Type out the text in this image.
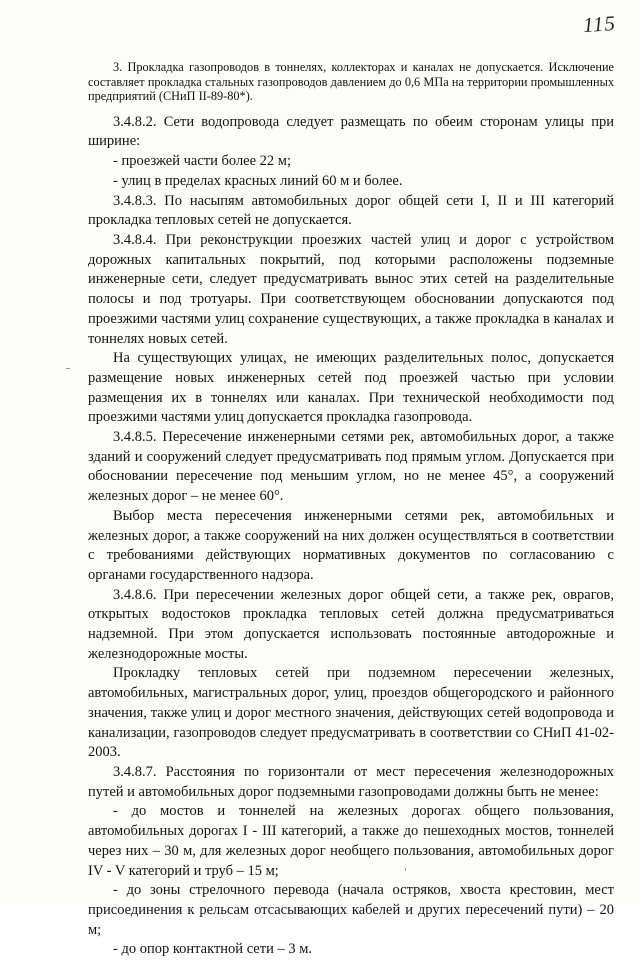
115

3. Прокладка газопроводов в тоннелях, коллекторах и каналах не допускается. Исключение составляет прокладка стальных газопроводов давлением до 0,6 МПа на территории промышленных предприятий (СНиП II-89-80*).

3.4.8.2. Сети водопровода следует размещать по обеим сторонам улицы при ширине:

- проезжей части более 22 м;

- улиц в пределах красных линий 60 м и более.

3.4.8.3. По насыпям автомобильных дорог общей сети I, II и III категорий прокладка тепловых сетей не допускается.

3.4.8.4. При реконструкции проезжих частей улиц и дорог с устройством дорожных капитальных покрытий, под которыми расположены подземные инженерные сети, следует предусматривать вынос этих сетей на разделительные полосы и под тротуары. При соответствующем обосновании допускаются под проезжими частями улиц сохранение существующих, а также прокладка в каналах и тоннелях новых сетей.

На существующих улицах, не имеющих разделительных полос, допускается размещение новых инженерных сетей под проезжей частью при условии размещения их в тоннелях или каналах. При технической необходимости под проезжими частями улиц допускается прокладка газопровода.

3.4.8.5. Пересечение инженерными сетями рек, автомобильных дорог, а также зданий и сооружений следует предусматривать под прямым углом. Допускается при обосновании пересечение под меньшим углом, но не менее 45°, а сооружений железных дорог – не менее 60°.

Выбор места пересечения инженерными сетями рек, автомобильных и железных дорог, а также сооружений на них должен осуществляться в соответствии с требованиями действующих нормативных документов по согласованию с органами государственного надзора.

3.4.8.6. При пересечении железных дорог общей сети, а также рек, оврагов, открытых водостоков прокладка тепловых сетей должна предусматриваться надземной. При этом допускается использовать постоянные автодорожные и железнодорожные мосты.

Прокладку тепловых сетей при подземном пересечении железных, автомобильных, магистральных дорог, улиц, проездов общегородского и районного значения, также улиц и дорог местного значения, действующих сетей водопровода и канализации, газопроводов следует предусматривать в соответствии со СНиП 41-02-2003.

3.4.8.7. Расстояния по горизонтали от мест пересечения железнодорожных путей и автомобильных дорог подземными газопроводами должны быть не менее:

- до мостов и тоннелей на железных дорогах общего пользования, автомобильных дорогах I - III категорий, а также до пешеходных мостов, тоннелей через них – 30 м, для железных дорог необщего пользования, автомобильных дорог IV - V категорий и труб – 15 м;

- до зоны стрелочного перевода (начала остряков, хвоста крестовин, мест присоединения к рельсам отсасывающих кабелей и других пересечений пути) – 20 м;

- до опор контактной сети – 3 м.
